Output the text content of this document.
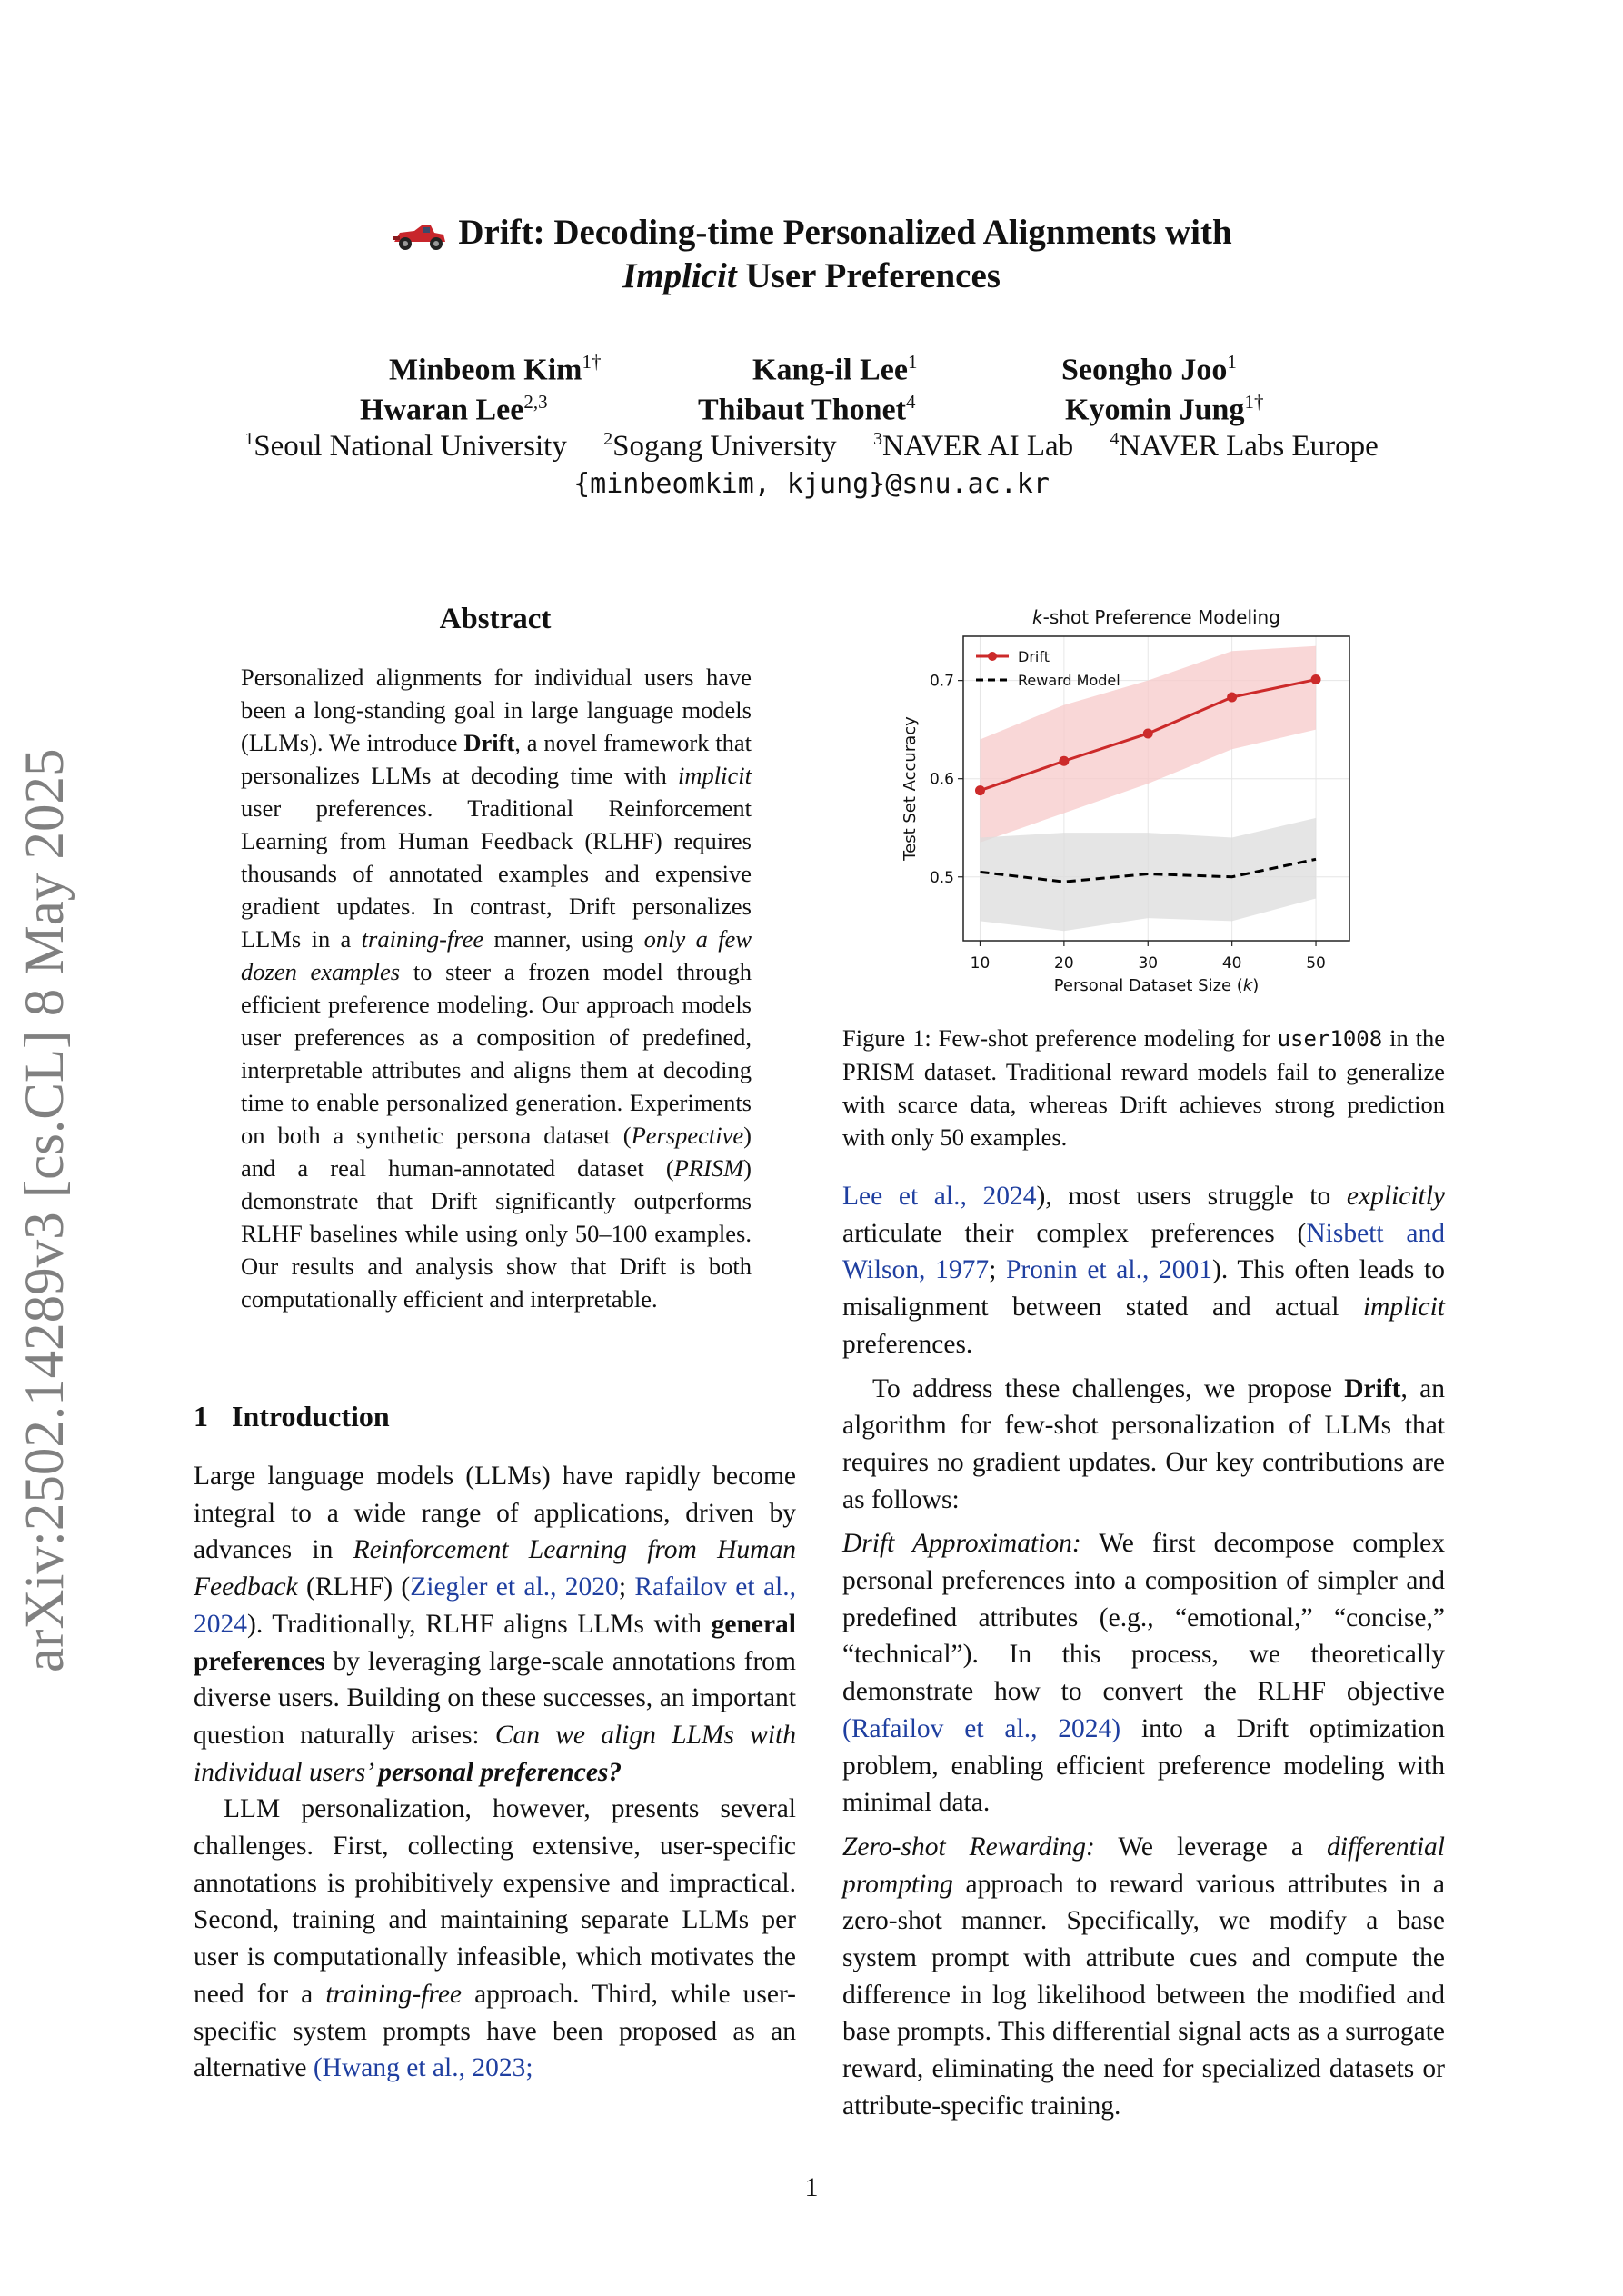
Drift: Decoding-time Personalized Alignments with
Implicit User Preferences
Minbeom Kim$^{1\dagger}$	Kang-il Lee$^1$	Seongho Joo$^1$
Hwaran Lee$^{2,3}$	Thibaut Thonet$^4$	Kyomin Jung$^{1\dagger}$
$^1$Seoul National University $^2$Sogang University $^3$NAVER AI Lab $^4$NAVER Labs Europe
{minbeomkim, kjung}@snu.ac.kr
arXiv:2502.14289v3 [cs.CL] 8 May 2025
Abstract

Personalized alignments for individual users have been a long-standing goal in large language models (LLMs). We introduce Drift, a novel framework that personalizes LLMs at decoding time with implicit user preferences. Traditional Reinforcement Learning from Human Feedback (RLHF) requires thousands of annotated examples and expensive gradient updates. In contrast, Drift personalizes LLMs in a training-free manner, using only a few dozen examples to steer a frozen model through efficient preference modeling. Our approach models user preferences as a composition of predefined, interpretable attributes and aligns them at decoding time to enable personalized generation. Experiments on both a synthetic persona dataset (Perspective) and a real human-annotated dataset (PRISM) demonstrate that Drift significantly outperforms RLHF baselines while using only 50–100 examples. Our results and analysis show that Drift is both computationally efficient and interpretable.

1 Introduction

Large language models (LLMs) have rapidly become integral to a wide range of applications, driven by advances in Reinforcement Learning from Human Feedback (RLHF) (Ziegler et al., 2020; Rafailov et al., 2024). Traditionally, RLHF aligns LLMs with general preferences by leveraging large-scale annotations from diverse users. Building on these successes, an important question naturally arises: Can we align LLMs with individual users’ personal preferences?

LLM personalization, however, presents several challenges. First, collecting extensive, user-specific annotations is prohibitively expensive and impractical. Second, training and maintaining separate LLMs per user is computationally infeasible, which motivates the need for a training-free approach. Third, while user-specific system prompts have been proposed as an alternative (Hwang et al., 2023;

10	20	30	40	50
0.5
0.6
0.7
k-shot Preference Modeling
Personal Dataset Size (k)
Test Set Accuracy
Drift
Reward Model
Figure 1: Few-shot preference modeling for user1008 in the PRISM dataset. Traditional reward models fail to generalize with scarce data, whereas Drift achieves strong prediction with only 50 examples.

Lee et al., 2024), most users struggle to explicitly articulate their complex preferences (Nisbett and Wilson, 1977; Pronin et al., 2001). This often leads to misalignment between stated and actual implicit preferences.

To address these challenges, we propose Drift, an algorithm for few-shot personalization of LLMs that requires no gradient updates. Our key contributions are as follows:

Drift Approximation: We first decompose complex personal preferences into a composition of simpler and predefined attributes (e.g., “emotional,” “concise,” “technical”). In this process, we theoretically demonstrate how to convert the RLHF objective (Rafailov et al., 2024) into a Drift optimization problem, enabling efficient preference modeling with minimal data.

Zero-shot Rewarding: We leverage a differential prompting approach to reward various attributes in a zero-shot manner. Specifically, we modify a base system prompt with attribute cues and compute the difference in log likelihood between the modified and base prompts. This differential signal acts as a surrogate reward, eliminating the need for specialized datasets or attribute-specific training.

1
